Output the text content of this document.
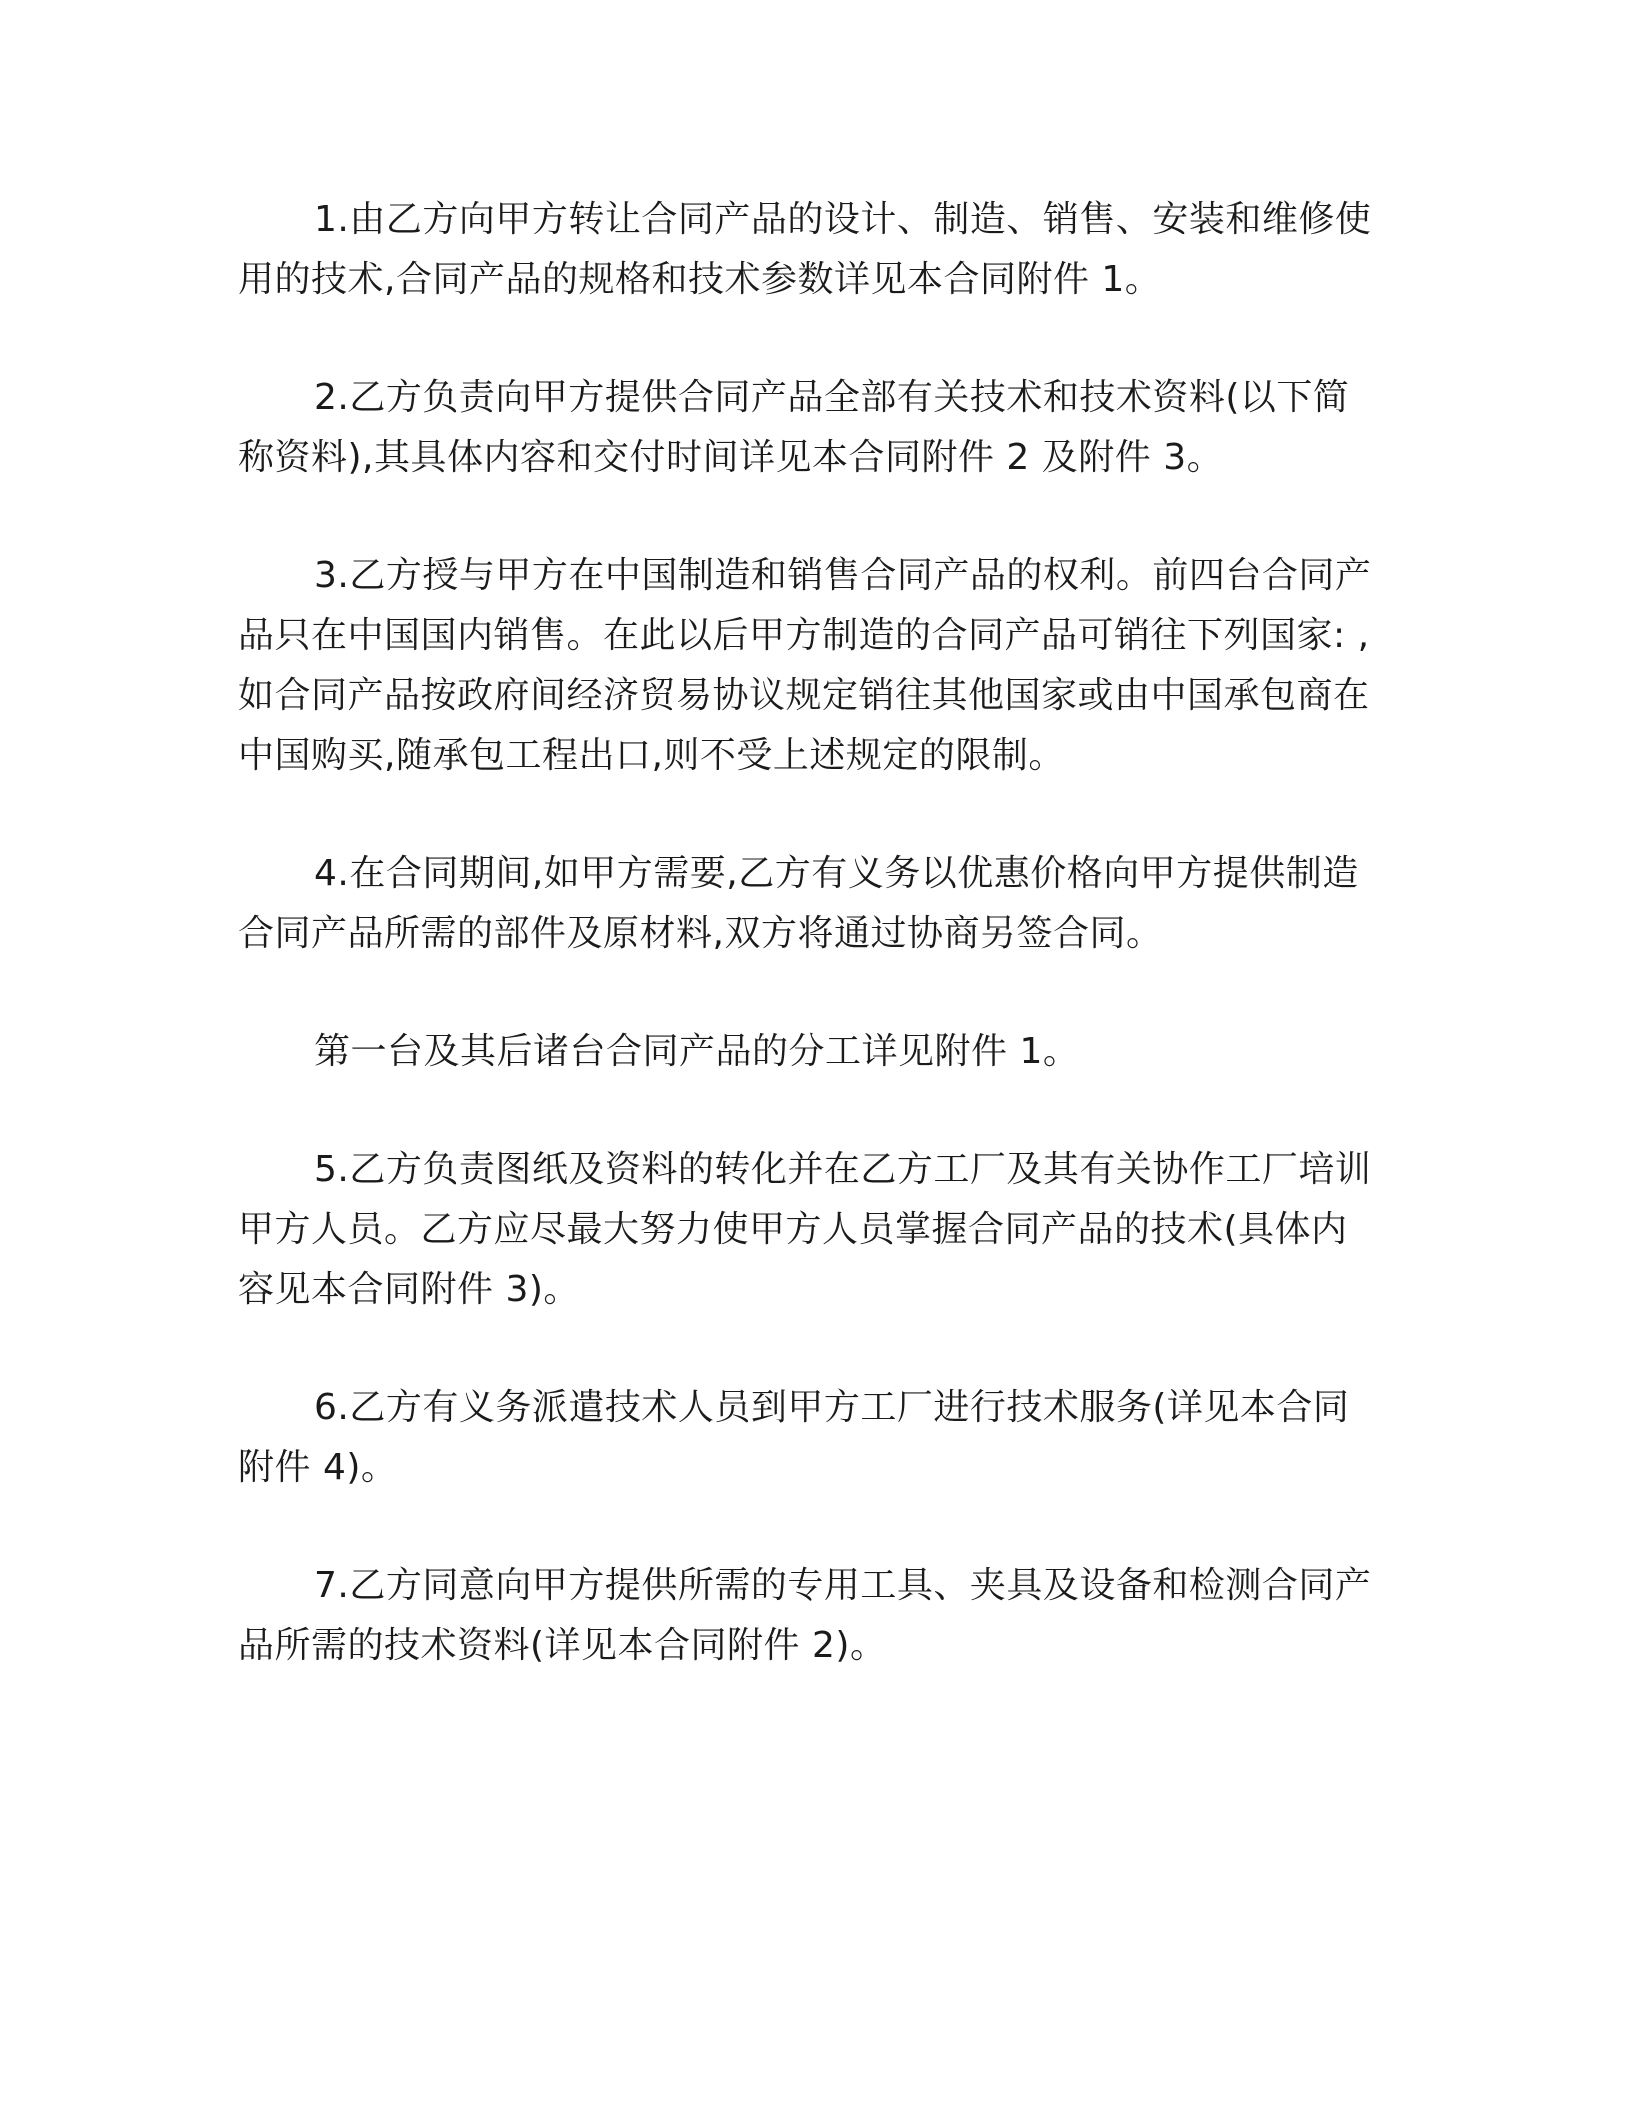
1.由乙方向甲方转让合同产品的设计、制造、销售、安装和维修使用的技术,合同产品的规格和技术参数详见本合同附件 1。

2.乙方负责向甲方提供合同产品全部有关技术和技术资料(以下简称资料),其具体内容和交付时间详见本合同附件 2 及附件 3。

3.乙方授与甲方在中国制造和销售合同产品的权利。前四台合同产品只在中国国内销售。在此以后甲方制造的合同产品可销往下列国家: ,如合同产品按政府间经济贸易协议规定销往其他国家或由中国承包商在中国购买,随承包工程出口,则不受上述规定的限制。

4.在合同期间,如甲方需要,乙方有义务以优惠价格向甲方提供制造合同产品所需的部件及原材料,双方将通过协商另签合同。

第一台及其后诸台合同产品的分工详见附件 1。

5.乙方负责图纸及资料的转化并在乙方工厂及其有关协作工厂培训甲方人员。乙方应尽最大努力使甲方人员掌握合同产品的技术(具体内容见本合同附件 3)。

6.乙方有义务派遣技术人员到甲方工厂进行技术服务(详见本合同附件 4)。

7.乙方同意向甲方提供所需的专用工具、夹具及设备和检测合同产品所需的技术资料(详见本合同附件 2)。
